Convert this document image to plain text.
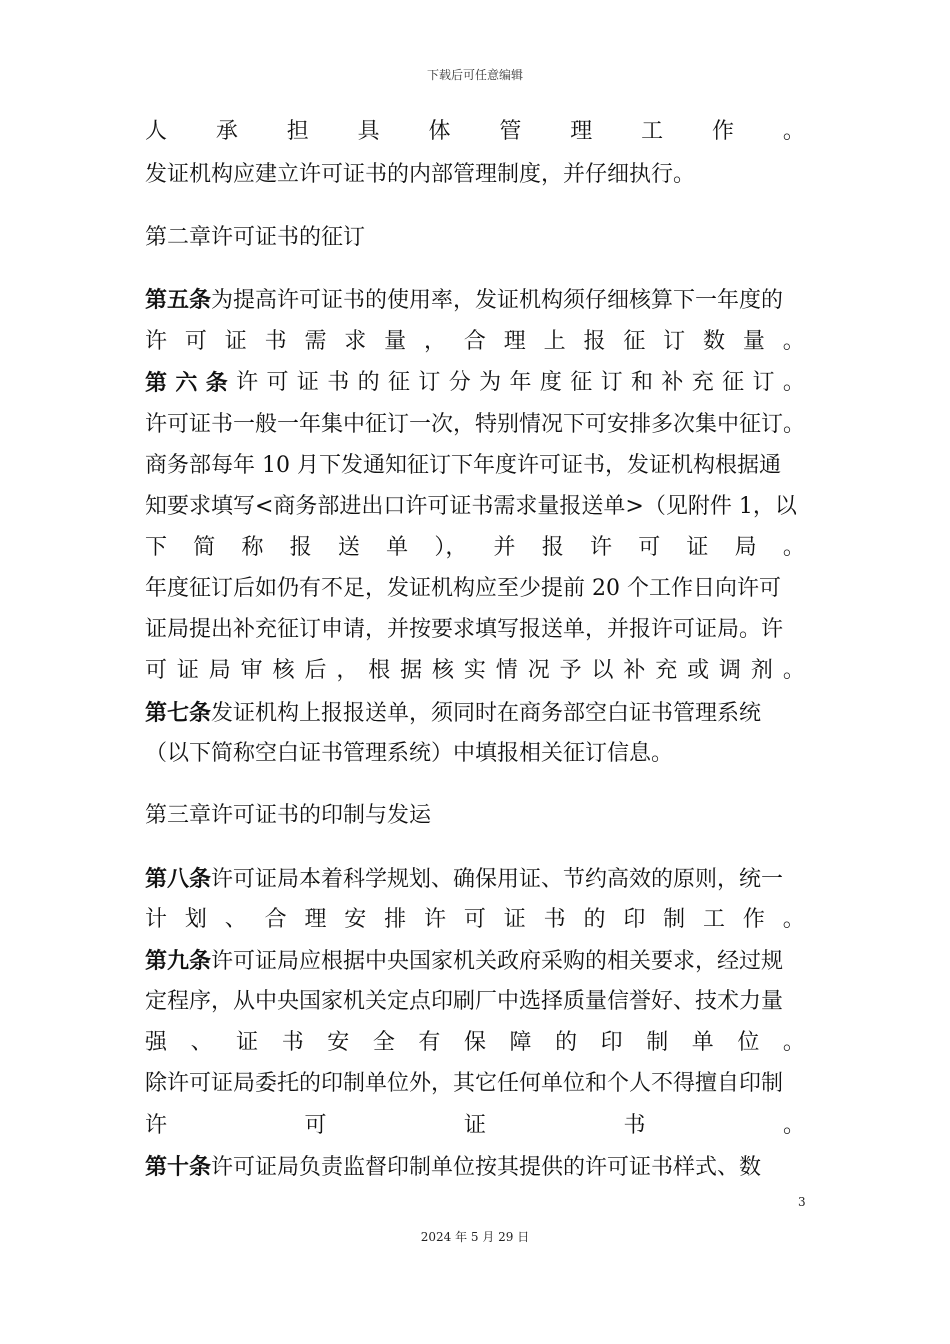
下载后可任意编辑
人 承 担 具 体 管 理 工 作 。
发证机构应建立许可证书的内部管理制度，并仔细执行。
第二章许可证书的征订
第五条为提高许可证书的使用率，发证机构须仔细核算下一年度的
许 可 证 书 需 求 量 ， 合 理 上 报 征 订 数 量 。
第 六 条 许 可 证 书 的 征 订 分 为 年 度 征 订 和 补 充 征 订 。
许可证书一般一年集中征订一次，特别情况下可安排多次集中征订。
商务部每年 10 月下发通知征订下年度许可证书，发证机构根据通
知要求填写<商务部进出口许可证书需求量报送单>（见附件 1，以
下 简 称 报 送 单 ）， 并 报 许 可 证 局 。
年度征订后如仍有不足，发证机构应至少提前 20 个工作日向许可
证局提出补充征订申请，并按要求填写报送单，并报许可证局。许
可 证 局 审 核 后 ， 根 据 核 实 情 况 予 以 补 充 或 调 剂 。
第七条发证机构上报报送单，须同时在商务部空白证书管理系统
（以下简称空白证书管理系统）中填报相关征订信息。
第三章许可证书的印制与发运
第八条许可证局本着科学规划、确保用证、节约高效的原则，统一
计 划 、 合 理 安 排 许 可 证 书 的 印 制 工 作 。
第九条许可证局应根据中央国家机关政府采购的相关要求，经过规
定程序，从中央国家机关定点印刷厂中选择质量信誉好、技术力量
强 、 证 书 安 全 有 保 障 的 印 制 单 位 。
除许可证局委托的印制单位外，其它任何单位和个人不得擅自印制
许	可	证	书	。
第十条许可证局负责监督印制单位按其提供的许可证书样式、数
3
2024 年 5 月 29 日
